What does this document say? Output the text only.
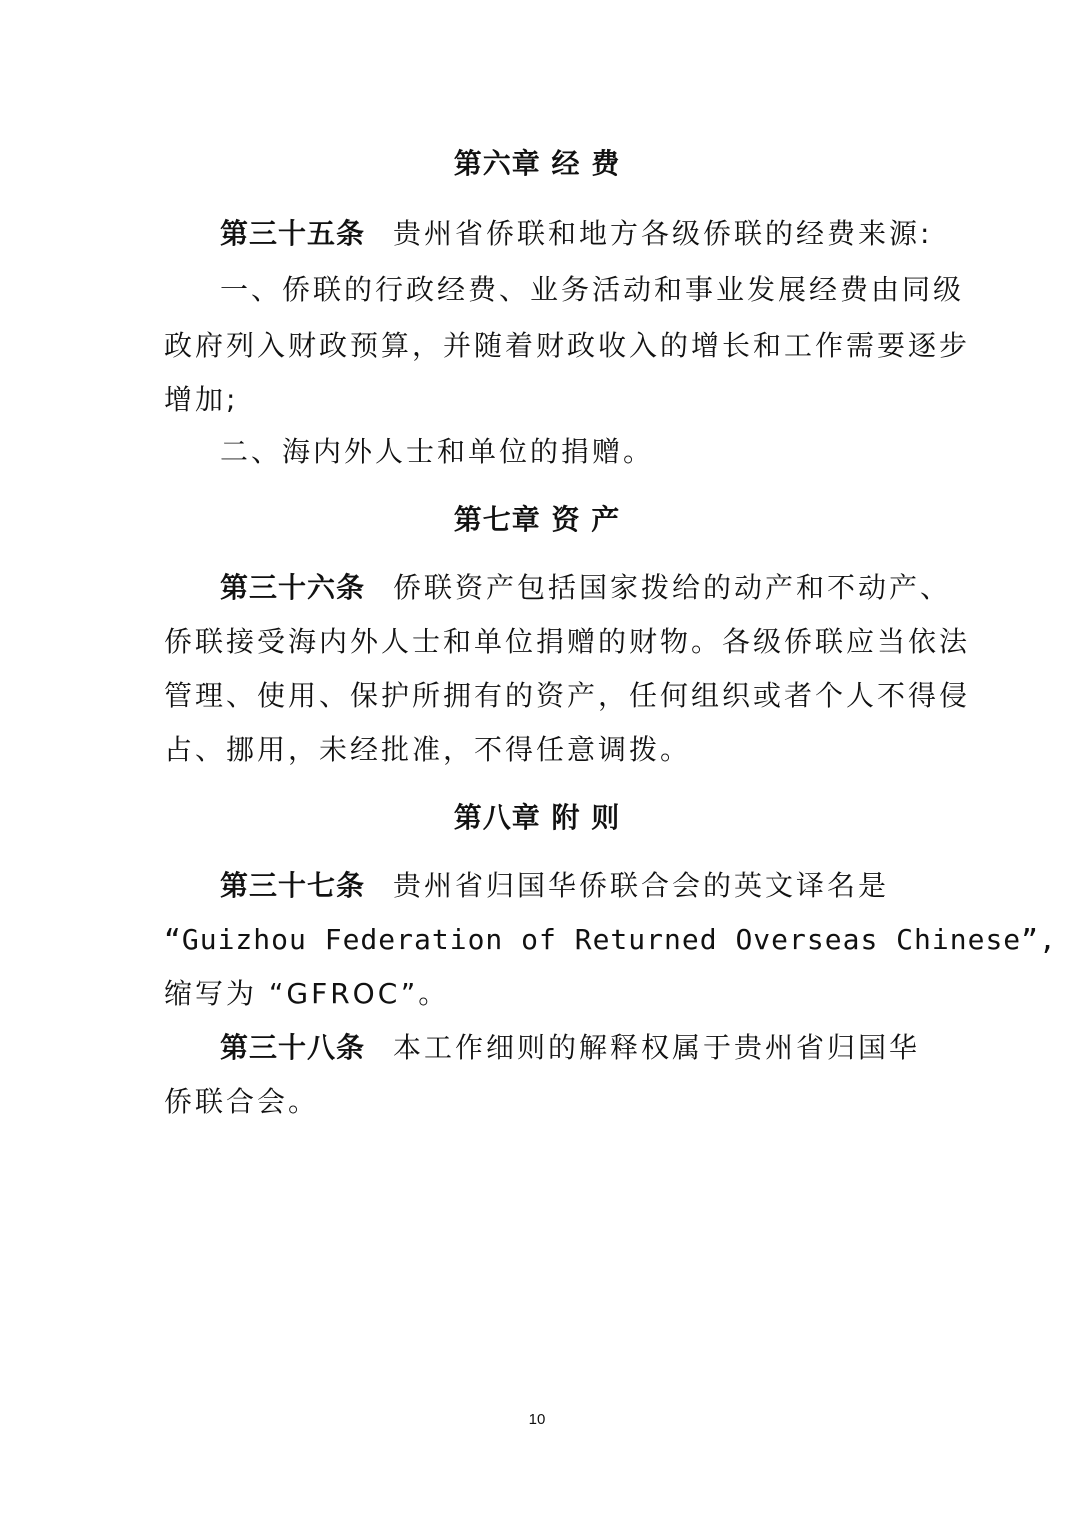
第六章 经 费
第三十五条 贵州省侨联和地方各级侨联的经费来源:
一、侨联的行政经费、业务活动和事业发展经费由同级
政府列入财政预算，并随着财政收入的增长和工作需要逐步
增加;
二、海内外人士和单位的捐赠。
第七章 资 产
第三十六条 侨联资产包括国家拨给的动产和不动产、
侨联接受海内外人士和单位捐赠的财物。各级侨联应当依法
管理、使用、保护所拥有的资产，任何组织或者个人不得侵
占、挪用，未经批准，不得任意调拨。
第八章 附 则
第三十七条 贵州省归国华侨联合会的英文译名是
“Guizhou Federation of Returned Overseas Chinese”,
缩写为 “GFROC”。
第三十八条 本工作细则的解释权属于贵州省归国华
侨联合会。
10
